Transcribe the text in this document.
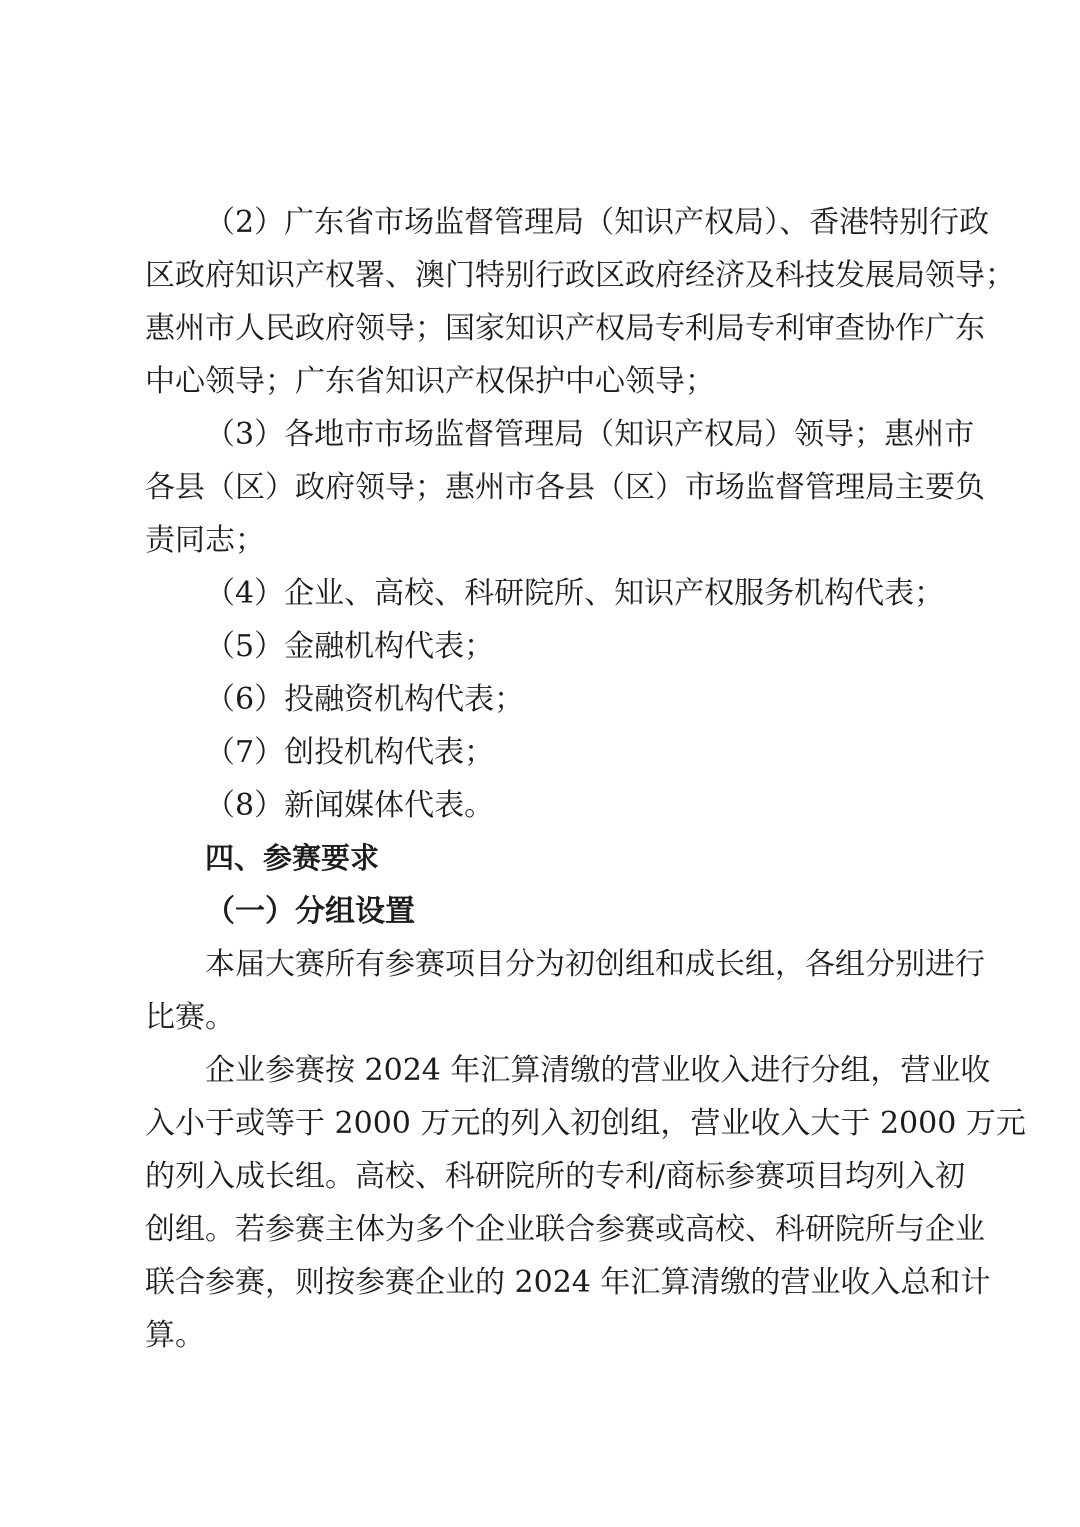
（2）广东省市场监督管理局（知识产权局）、香港特别行政
区政府知识产权署、澳门特别行政区政府经济及科技发展局领导；
惠州市人民政府领导；国家知识产权局专利局专利审查协作广东
中心领导；广东省知识产权保护中心领导；
（3）各地市市场监督管理局（知识产权局）领导；惠州市
各县（区）政府领导；惠州市各县（区）市场监督管理局主要负
责同志；
（4）企业、高校、科研院所、知识产权服务机构代表；
（5）金融机构代表；
（6）投融资机构代表；
（7）创投机构代表；
（8）新闻媒体代表。
四、参赛要求
（一）分组设置
本届大赛所有参赛项目分为初创组和成长组，各组分别进行
比赛。
企业参赛按 2024 年汇算清缴的营业收入进行分组，营业收
入小于或等于 2000 万元的列入初创组，营业收入大于 2000 万元
的列入成长组。高校、科研院所的专利/商标参赛项目均列入初
创组。若参赛主体为多个企业联合参赛或高校、科研院所与企业
联合参赛，则按参赛企业的 2024 年汇算清缴的营业收入总和计
算。
